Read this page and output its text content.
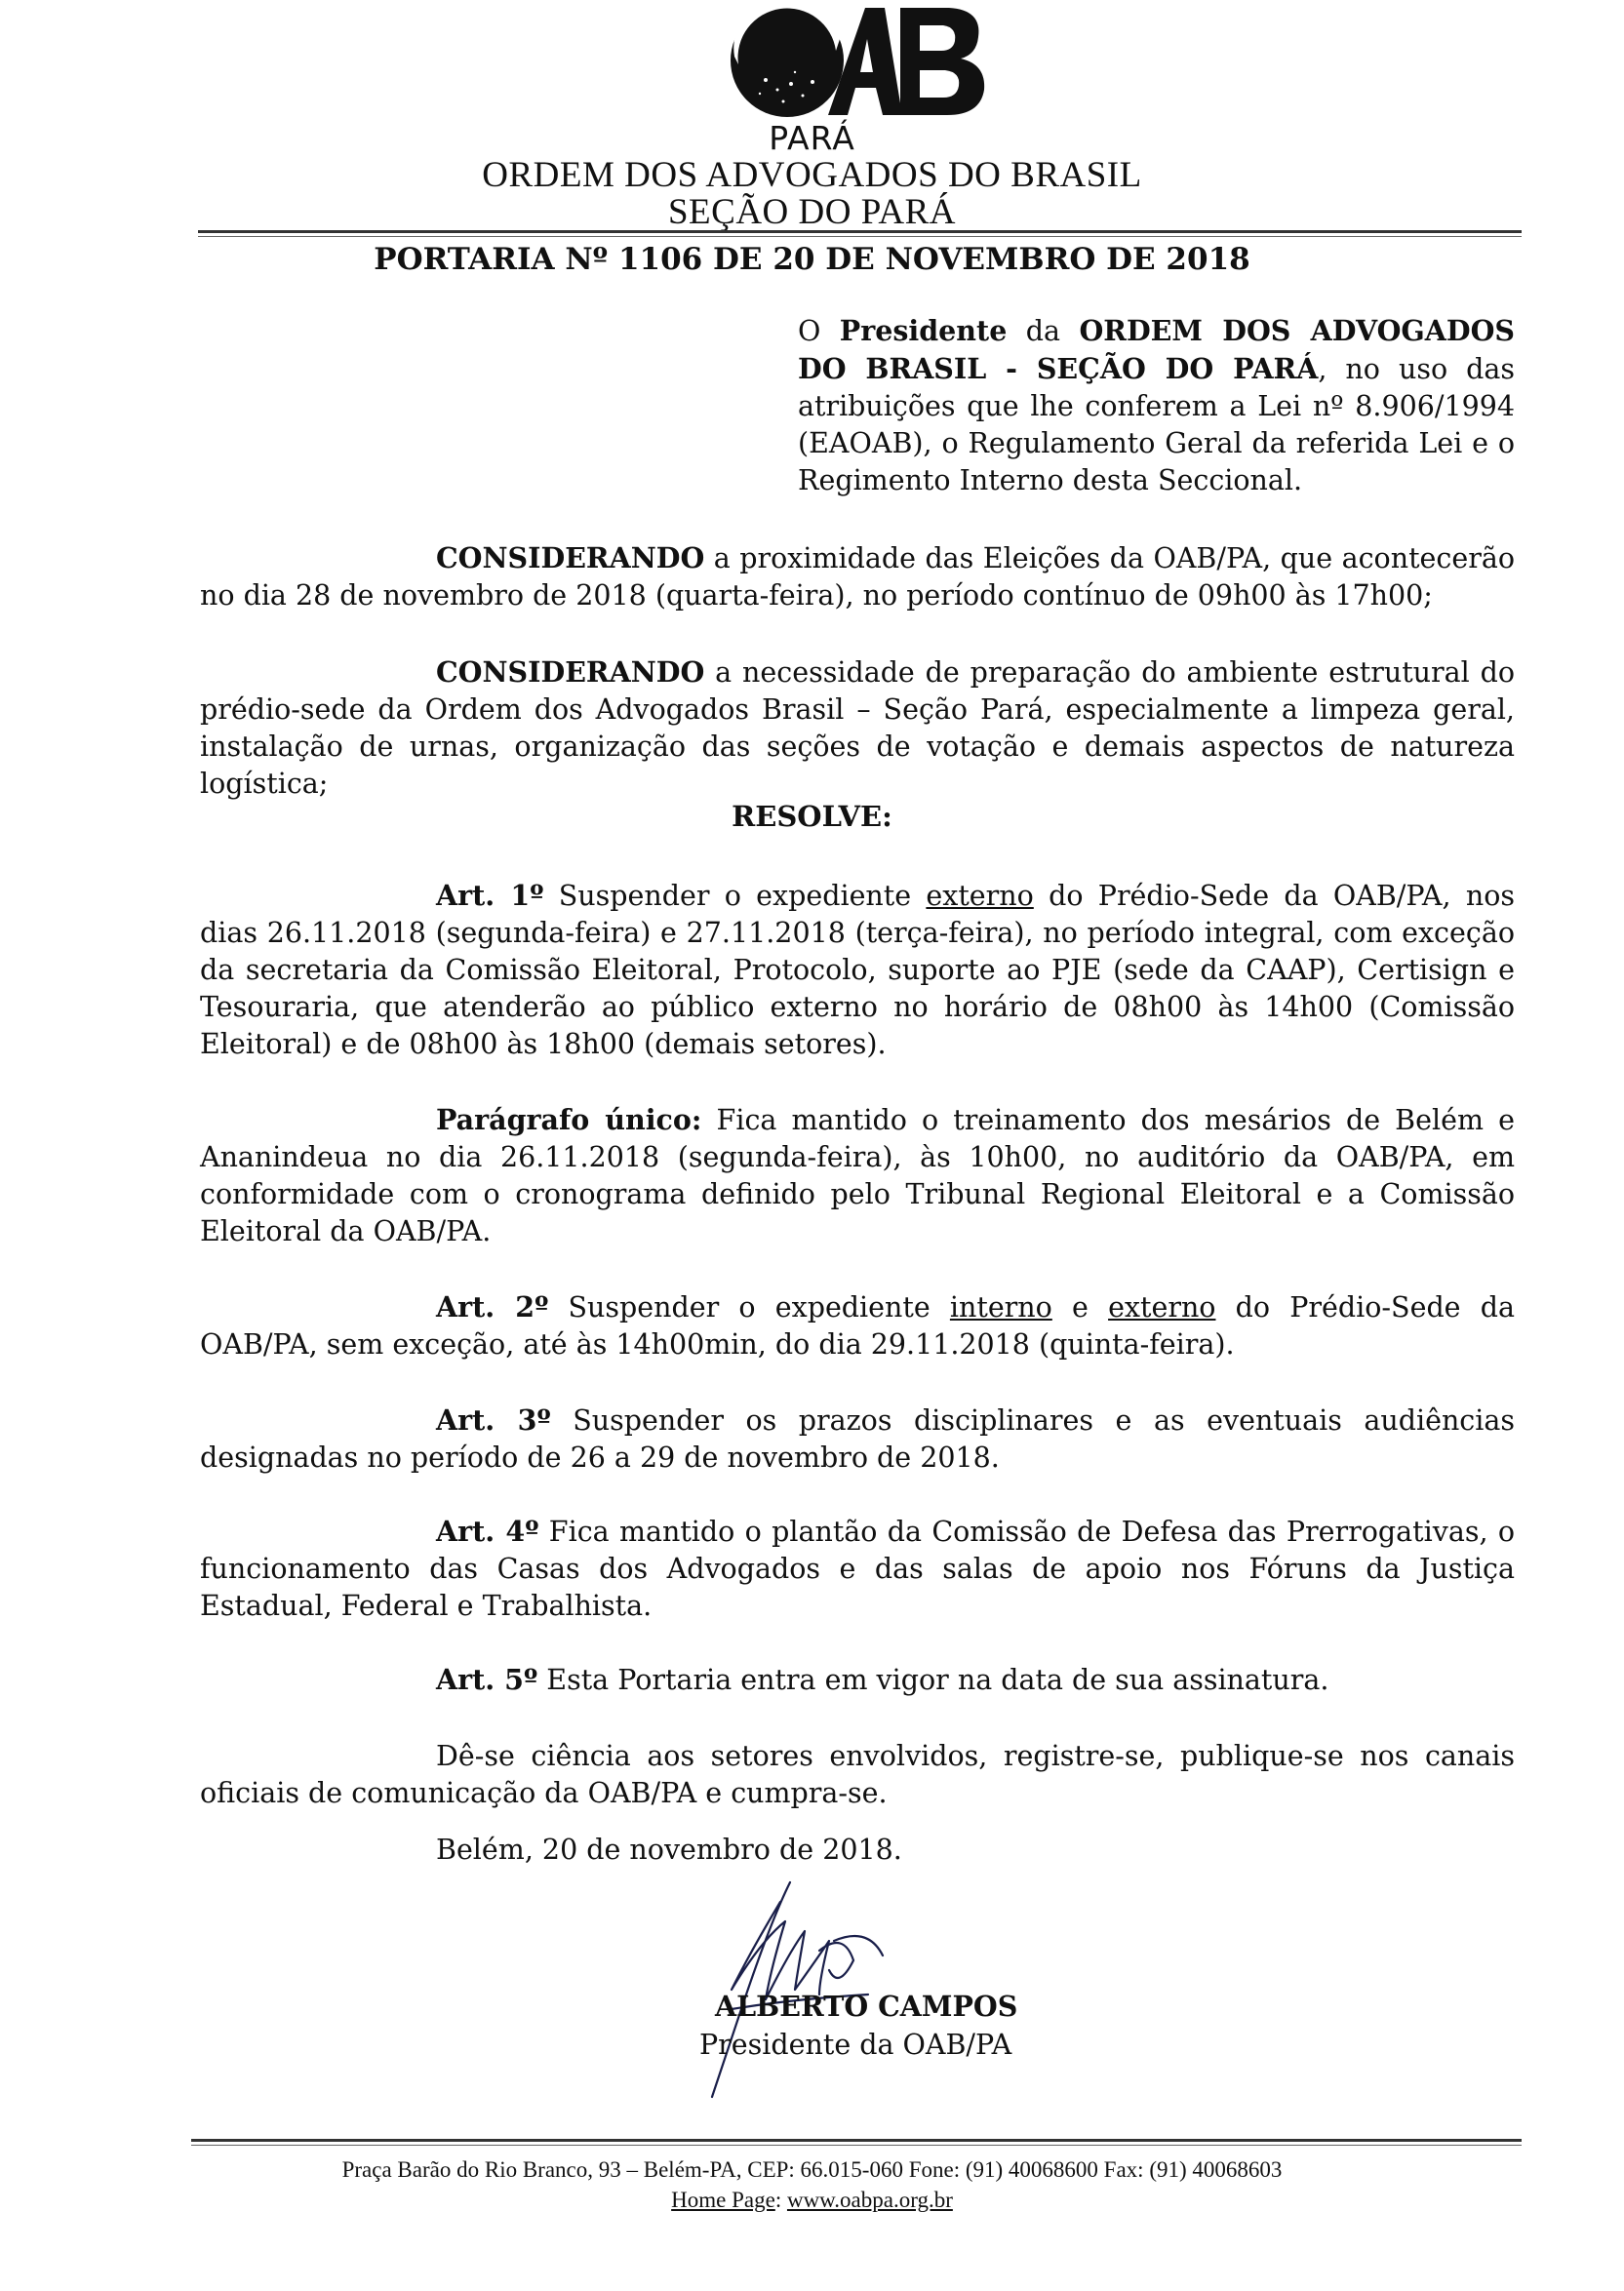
PARÁ
ORDEM DOS ADVOGADOS DO BRASIL
SEÇÃO DO PARÁ
PORTARIA Nº 1106 DE 20 DE NOVEMBRO DE 2018
O Presidente da ORDEM DOS ADVOGADOS DO BRASIL - SEÇÃO DO PARÁ, no uso das atribuições que lhe conferem a Lei nº 8.906/1994 (EAOAB), o Regulamento Geral da referida Lei e o Regimento Interno desta Seccional.
CONSIDERANDO a proximidade das Eleições da OAB/PA, que acontecerão no dia 28 de novembro de 2018 (quarta-feira), no período contínuo de 09h00 às 17h00;
CONSIDERANDO a necessidade de preparação do ambiente estrutural do prédio-sede da Ordem dos Advogados Brasil – Seção Pará, especialmente a limpeza geral, instalação de urnas, organização das seções de votação e demais aspectos de natureza logística;
RESOLVE:
Art. 1º Suspender o expediente externo do Prédio-Sede da OAB/PA, nos dias 26.11.2018 (segunda-feira) e 27.11.2018 (terça-feira), no período integral, com exceção da secretaria da Comissão Eleitoral, Protocolo, suporte ao PJE (sede da CAAP), Certisign e Tesouraria, que atenderão ao público externo no horário de 08h00 às 14h00 (Comissão Eleitoral) e de 08h00 às 18h00 (demais setores).
Parágrafo único: Fica mantido o treinamento dos mesários de Belém e Ananindeua no dia 26.11.2018 (segunda-feira), às 10h00, no auditório da OAB/PA, em conformidade com o cronograma definido pelo Tribunal Regional Eleitoral e a Comissão Eleitoral da OAB/PA.
Art. 2º Suspender o expediente interno e externo do Prédio-Sede da OAB/PA, sem exceção, até às 14h00min, do dia 29.11.2018 (quinta-feira).
Art. 3º Suspender os prazos disciplinares e as eventuais audiências designadas no período de 26 a 29 de novembro de 2018.
Art. 4º Fica mantido o plantão da Comissão de Defesa das Prerrogativas, o funcionamento das Casas dos Advogados e das salas de apoio nos Fóruns da Justiça Estadual, Federal e Trabalhista.
Art. 5º Esta Portaria entra em vigor na data de sua assinatura.
Dê-se ciência aos setores envolvidos, registre-se, publique-se nos canais oficiais de comunicação da OAB/PA e cumpra-se.
Belém, 20 de novembro de 2018.
ALBERTO CAMPOS
Presidente da OAB/PA
Praça Barão do Rio Branco, 93 – Belém-PA, CEP: 66.015-060 Fone: (91) 40068600 Fax: (91) 40068603
Home Page: www.oabpa.org.br
